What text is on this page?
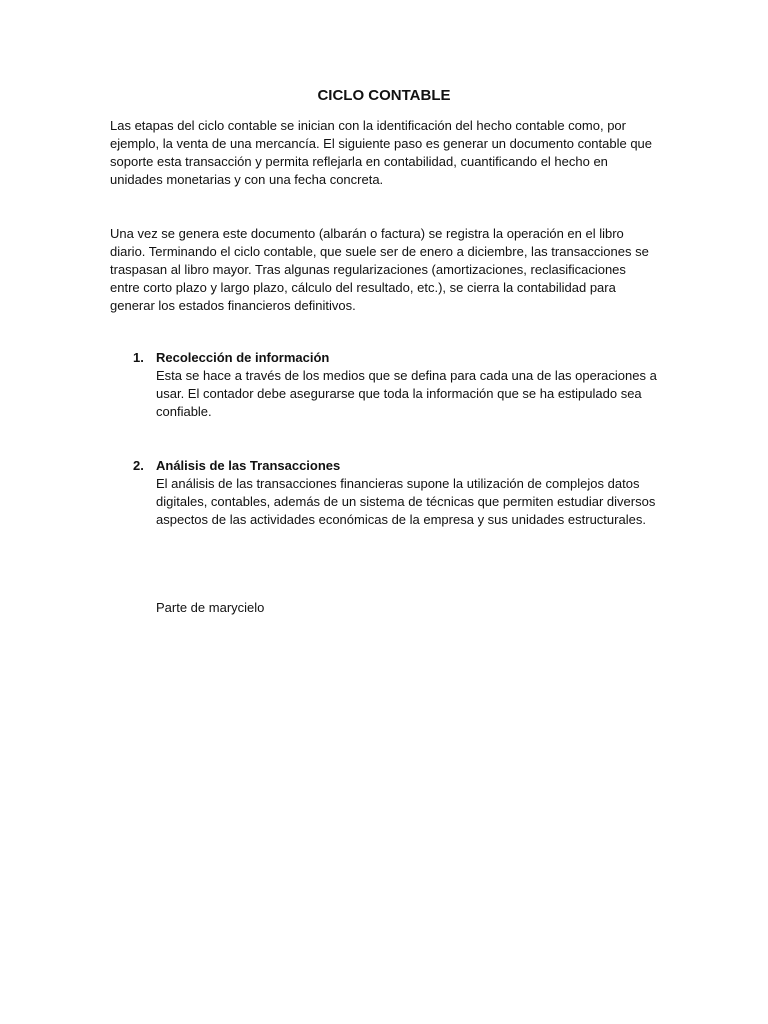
CICLO CONTABLE

Las etapas del ciclo contable se inician con la identificación del hecho contable como, por ejemplo, la venta de una mercancía. El siguiente paso es generar un documento contable que soporte esta transacción y permita reflejarla en contabilidad, cuantificando el hecho en unidades monetarias y con una fecha concreta.

Una vez se genera este documento (albarán o factura) se registra la operación en el libro diario. Terminando el ciclo contable, que suele ser de enero a diciembre, las transacciones se traspasan al libro mayor. Tras algunas regularizaciones (amortizaciones, reclasificaciones entre corto plazo y largo plazo, cálculo del resultado, etc.), se cierra la contabilidad para generar los estados financieros definitivos.

1. Recolección de información
Esta se hace a través de los medios que se defina para cada una de las operaciones a usar. El contador debe asegurarse que toda la información que se ha estipulado sea confiable.
2. Análisis de las Transacciones
El análisis de las transacciones financieras supone la utilización de complejos datos digitales, contables, además de un sistema de técnicas que permiten estudiar diversos aspectos de las actividades económicas de la empresa y sus unidades estructurales.
Parte de marycielo
